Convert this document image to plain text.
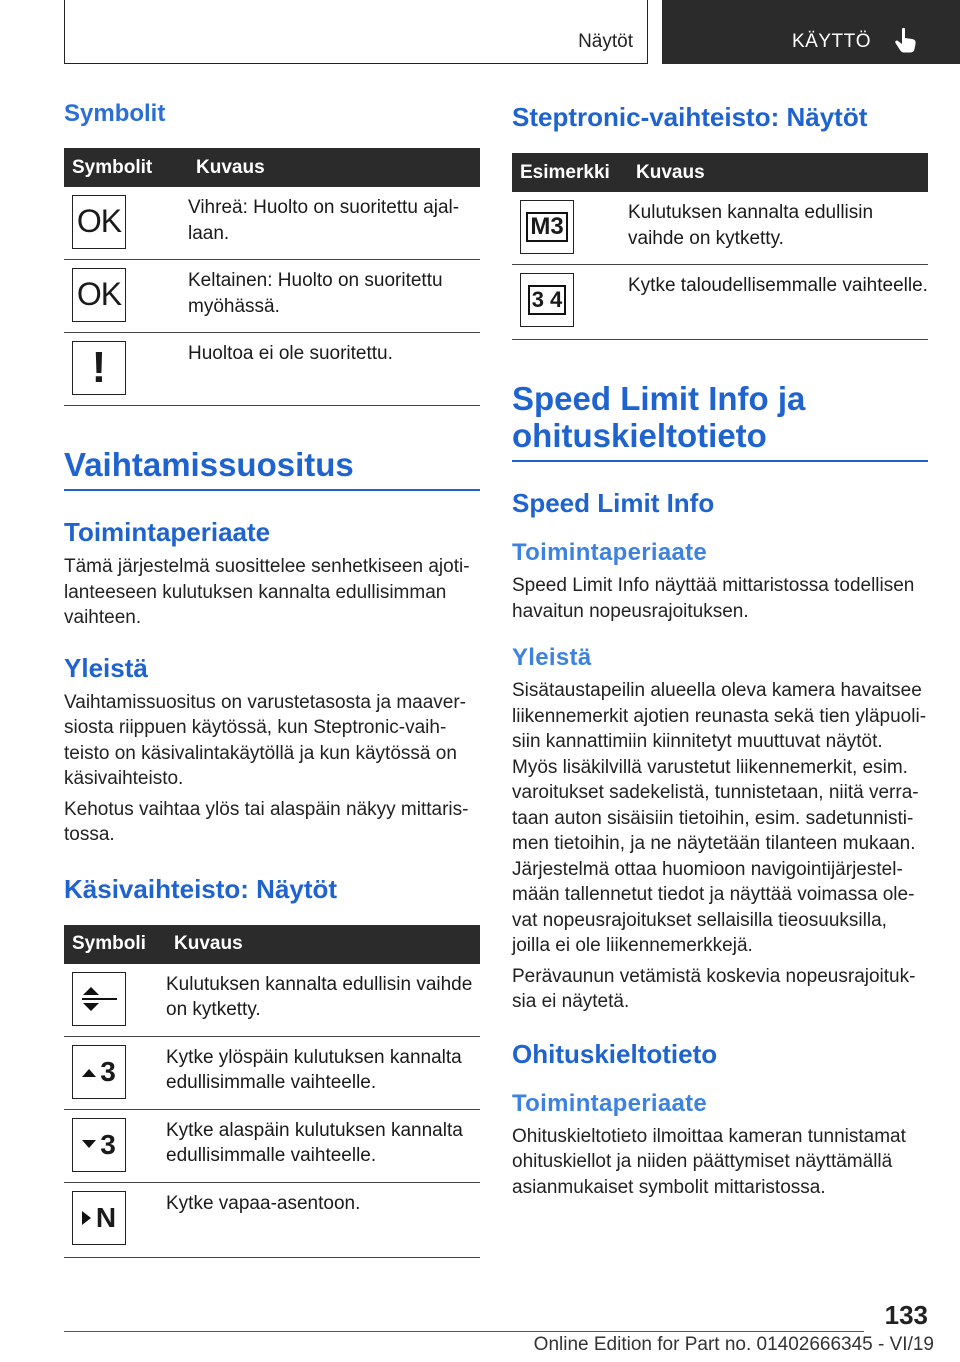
Näytöt	KÄYTTÖ
Symbolit
Symbolit	Kuvaus

OK	Vihreä: Huolto on suoritettu ajallaan.

OK	Keltainen: Huolto on suoritettu myöhässä.

!	Huoltoa ei ole suoritettu.
Vaihtamissuositus
Toimintaperiaate

Tämä järjestelmä suosittelee senhetkiseen ajotilanteeseen kulutuksen kannalta edullisimman vaihteen.

Yleistä

Vaihtamissuositus on varustetasosta ja maaversiosta riippuen käytössä, kun Steptronic-vaihteisto on käsivalintakäytöllä ja kun käytössä on käsivaihteisto.

Kehotus vaihtaa ylös tai alaspäin näkyy mittaristossa.

Käsivaihteisto: Näytöt
Symboli	Kuvaus

	Kulutuksen kannalta edullisin vaihde on kytketty.

3	Kytke ylöspäin kulutuksen kannalta edullisimmalle vaihteelle.

3	Kytke alaspäin kulutuksen kannalta edullisimmalle vaihteelle.

N	Kytke vapaa-asentoon.
Steptronic-vaihteisto: Näytöt
Esimerkki	Kuvaus

M3	Kulutuksen kannalta edullisin vaihde on kytketty.

3 4	Kytke taloudellisemmalle vaihteelle.
Speed Limit Info ja ohituskieltotieto
Speed Limit Info
Toimintaperiaate

Speed Limit Info näyttää mittaristossa todellisen havaitun nopeusrajoituksen.

Yleistä

Sisätaustapeilin alueella oleva kamera havaitsee liikennemerkit ajotien reunasta sekä tien yläpuolisiin kannattimiin kiinnitetyt muuttuvat näytöt. Myös lisäkilvillä varustetut liikennemerkit, esim. varoitukset sadekelistä, tunnistetaan, niitä verrataan auton sisäisiin tietoihin, esim. sadetunnistimen tietoihin, ja ne näytetään tilanteen mukaan. Järjestelmä ottaa huomioon navigointijärjestelmään tallennetut tiedot ja näyttää voimassa olevat nopeusrajoitukset sellaisilla tieosuuksilla, joilla ei ole liikennemerkkejä.

Perävaunun vetämistä koskevia nopeusrajoituksia ei näytetä.

Ohituskieltotieto
Toimintaperiaate

Ohituskieltotieto ilmoittaa kameran tunnistamat ohituskiellot ja niiden päättymiset näyttämällä asianmukaiset symbolit mittaristossa.

133
Online Edition for Part no. 01402666345 - VI/19
